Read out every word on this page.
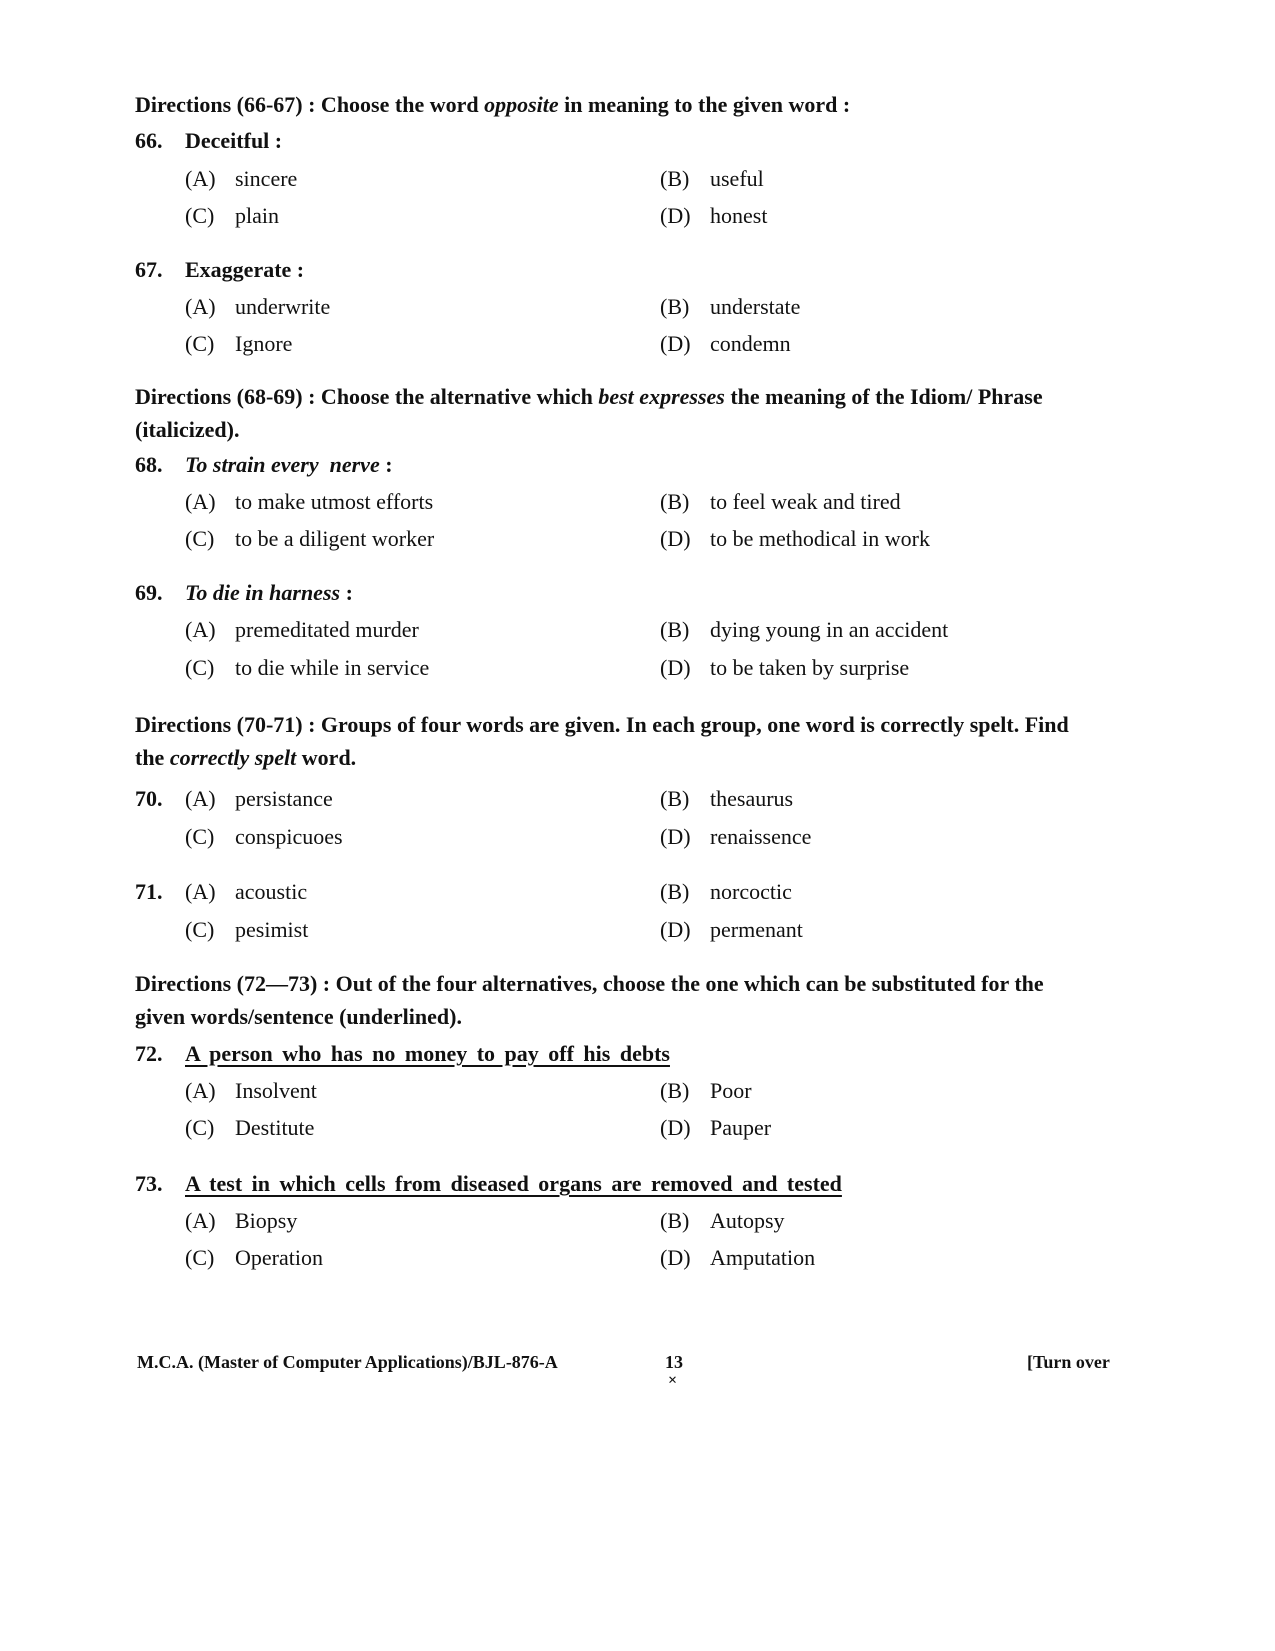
Directions (66-67) : Choose the word opposite in meaning to the given word :
66. Deceitful :
(A) sincere	(B) useful
(C) plain	(D) honest
67. Exaggerate :
(A) underwrite	(B) understate
(C) Ignore	(D) condemn
Directions (68-69) : Choose the alternative which best expresses the meaning of the Idiom/ Phrase (italicized).
68. To strain every  nerve :
(A) to make utmost efforts	(B) to feel weak and tired
(C) to be a diligent worker	(D) to be methodical in work
69. To die in harness :
(A) premeditated murder	(B) dying young in an accident
(C) to die while in service	(D) to be taken by surprise
Directions (70-71) : Groups of four words are given. In each group, one word is correctly spelt. Find the correctly spelt word.
70. (A) persistance	(B) thesaurus
(C) conspicuoes	(D) renaissence
71. (A) acoustic	(B) norcoctic
(C) pesimist	(D) permenant
Directions (72—73) : Out of the four alternatives, choose the one which can be substituted for the given words/sentence (underlined).
72. A person who has no money to pay off his debts
(A) Insolvent	(B) Poor
(C) Destitute	(D) Pauper
73. A test in which cells from diseased organs are removed and tested
(A) Biopsy	(B) Autopsy
(C) Operation	(D) Amputation
M.C.A. (Master of Computer Applications)/BJL-876-A	13
×
[Turn over
